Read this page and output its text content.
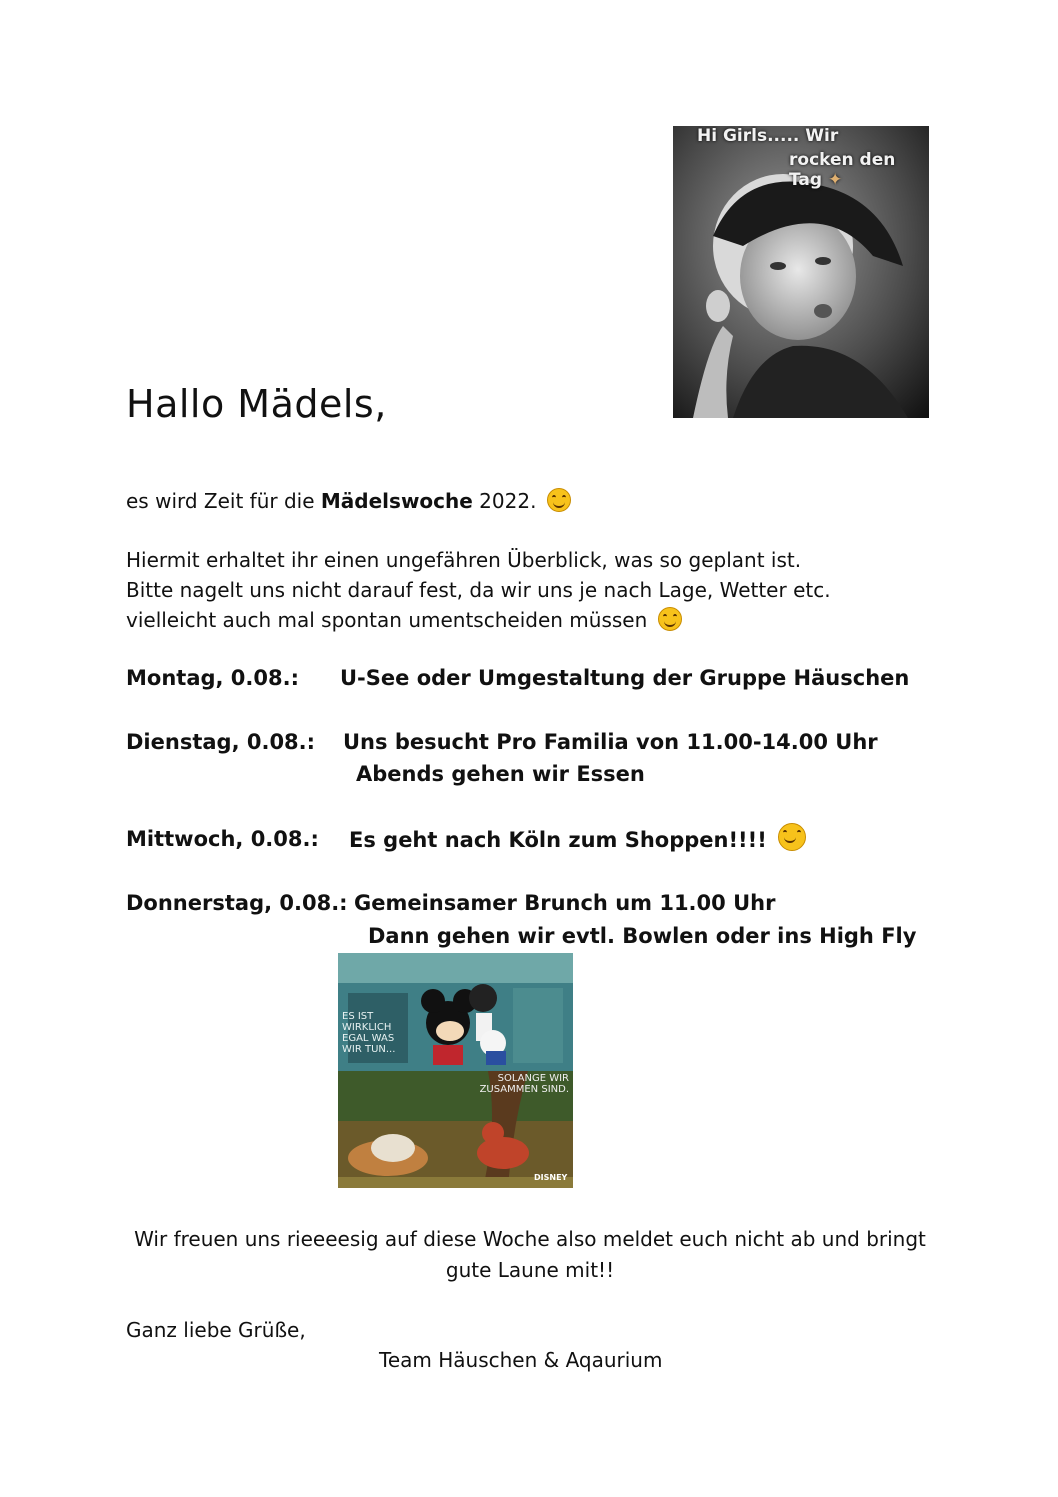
Hi Girls..... Wir
rocken den Tag ✦
Hallo Mädels,
es wird Zeit für die Mädelswoche 2022.
Hiermit erhaltet ihr einen ungefähren Überblick, was so geplant ist.
Bitte nagelt uns nicht darauf fest, da wir uns je nach Lage, Wetter etc.
vielleicht auch mal spontan umentscheiden müssen
Montag, 0.08.: U-See oder Umgestaltung der Gruppe Häuschen
Dienstag, 0.08.: Uns besucht Pro Familia von 11.00-14.00 Uhr
Abends gehen wir Essen
Mittwoch, 0.08.: Es geht nach Köln zum Shoppen!!!!
Donnerstag, 0.08.: Gemeinsamer Brunch um 11.00 Uhr
Dann gehen wir evtl. Bowlen oder ins High Fly
ES IST WIRKLICH EGAL WAS WIR TUN...
SOLANGE WIR ZUSAMMEN SIND.
DISNEY
Wir freuen uns rieeeesig auf diese Woche also meldet euch nicht ab und bringt
gute Laune mit!!
Ganz liebe Grüße,
Team Häuschen & Aqaurium
